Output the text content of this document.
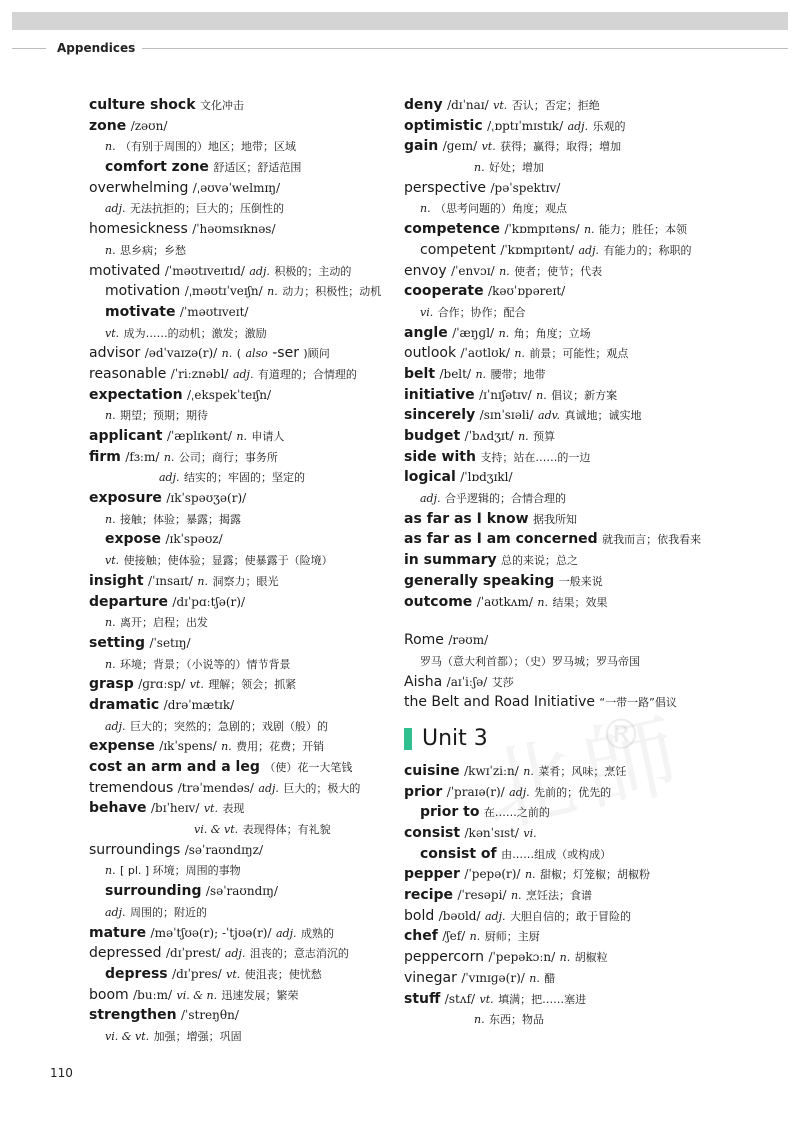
Appendices
®
culture shock 文化冲击
zone /zəʊn/
n. （有别于周围的）地区；地带；区域
comfort zone 舒适区；舒适范围
overwhelming /ˌəʊvəˈwelmɪŋ/
adj. 无法抗拒的；巨大的；压倒性的
homesickness /ˈhəʊmsɪknəs/
n. 思乡病；乡愁
motivated /ˈməʊtɪveɪtɪd/ adj. 积极的；主动的
motivation /ˌməʊtɪˈveɪʃn/ n. 动力；积极性；动机
motivate /ˈməʊtɪveɪt/
vt. 成为……的动机；激发；激励
advisor /ədˈvaɪzə(r)/ n. ( also -ser )顾问
reasonable /ˈriːznəbl/ adj. 有道理的；合情理的
expectation /ˌekspekˈteɪʃn/
n. 期望；预期；期待
applicant /ˈæplɪkənt/ n. 申请人
firm /fɜːm/ n. 公司；商行；事务所
adj. 结实的；牢固的；坚定的
exposure /ɪkˈspəʊʒə(r)/
n. 接触；体验；暴露；揭露
expose /ɪkˈspəʊz/
vt. 使接触；使体验；显露；使暴露于（险境）
insight /ˈɪnsaɪt/ n. 洞察力；眼光
departure /dɪˈpɑːtʃə(r)/
n. 离开；启程；出发
setting /ˈsetɪŋ/
n. 环境；背景；（小说等的）情节背景
grasp /ɡrɑːsp/ vt. 理解；领会；抓紧
dramatic /drəˈmætɪk/
adj. 巨大的；突然的；急剧的；戏剧（般）的
expense /ɪkˈspens/ n. 费用；花费；开销
cost an arm and a leg （使）花一大笔钱
tremendous /trəˈmendəs/ adj. 巨大的；极大的
behave /bɪˈheɪv/ vt. 表现
vi. & vt. 表现得体；有礼貌
surroundings /səˈraʊndɪŋz/
n. [ pl. ] 环境；周围的事物
surrounding /səˈraʊndɪŋ/
adj. 周围的；附近的
mature /məˈtʃʊə(r); -ˈtjʊə(r)/ adj. 成熟的
depressed /dɪˈprest/ adj. 沮丧的；意志消沉的
depress /dɪˈpres/ vt. 使沮丧；使忧愁
boom /buːm/ vi. & n. 迅速发展；繁荣
strengthen /ˈstreŋθn/
vi. & vt. 加强；增强；巩固
deny /dɪˈnaɪ/ vt. 否认；否定；拒绝
optimistic /ˌɒptɪˈmɪstɪk/ adj. 乐观的
gain /ɡeɪn/ vt. 获得；赢得；取得；增加
n. 好处；增加
perspective /pəˈspektɪv/
n. （思考问题的）角度；观点
competence /ˈkɒmpɪtəns/ n. 能力；胜任；本领
competent /ˈkɒmpɪtənt/ adj. 有能力的；称职的
envoy /ˈenvɔɪ/ n. 使者；使节；代表
cooperate /kəʊˈɒpəreɪt/
vi. 合作；协作；配合
angle /ˈæŋɡl/ n. 角；角度；立场
outlook /ˈaʊtlʊk/ n. 前景；可能性；观点
belt /belt/ n. 腰带；地带
initiative /ɪˈnɪʃətɪv/ n. 倡议；新方案
sincerely /sɪnˈsɪəli/ adv. 真诚地；诚实地
budget /ˈbʌdʒɪt/ n. 预算
side with 支持；站在……的一边
logical /ˈlɒdʒɪkl/
adj. 合乎逻辑的；合情合理的
as far as I know 据我所知
as far as I am concerned 就我而言；依我看来
in summary 总的来说；总之
generally speaking 一般来说
outcome /ˈaʊtkʌm/ n. 结果；效果
Rome /rəʊm/
罗马（意大利首都）；（史）罗马城；罗马帝国
Aisha /aɪˈiːʃə/ 艾莎
the Belt and Road Initiative “一带一路”倡议
Unit 3
cuisine /kwɪˈziːn/ n. 菜肴；风味；烹饪
prior /ˈpraɪə(r)/ adj. 先前的；优先的
prior to 在……之前的
consist /kənˈsɪst/ vi.
consist of 由……组成（或构成）
pepper /ˈpepə(r)/ n. 甜椒；灯笼椒；胡椒粉
recipe /ˈresəpi/ n. 烹饪法；食谱
bold /bəʊld/ adj. 大胆自信的；敢于冒险的
chef /ʃef/ n. 厨师；主厨
peppercorn /ˈpepəkɔːn/ n. 胡椒粒
vinegar /ˈvɪnɪɡə(r)/ n. 醋
stuff /stʌf/ vt. 填满；把……塞进
n. 东西；物品
110
